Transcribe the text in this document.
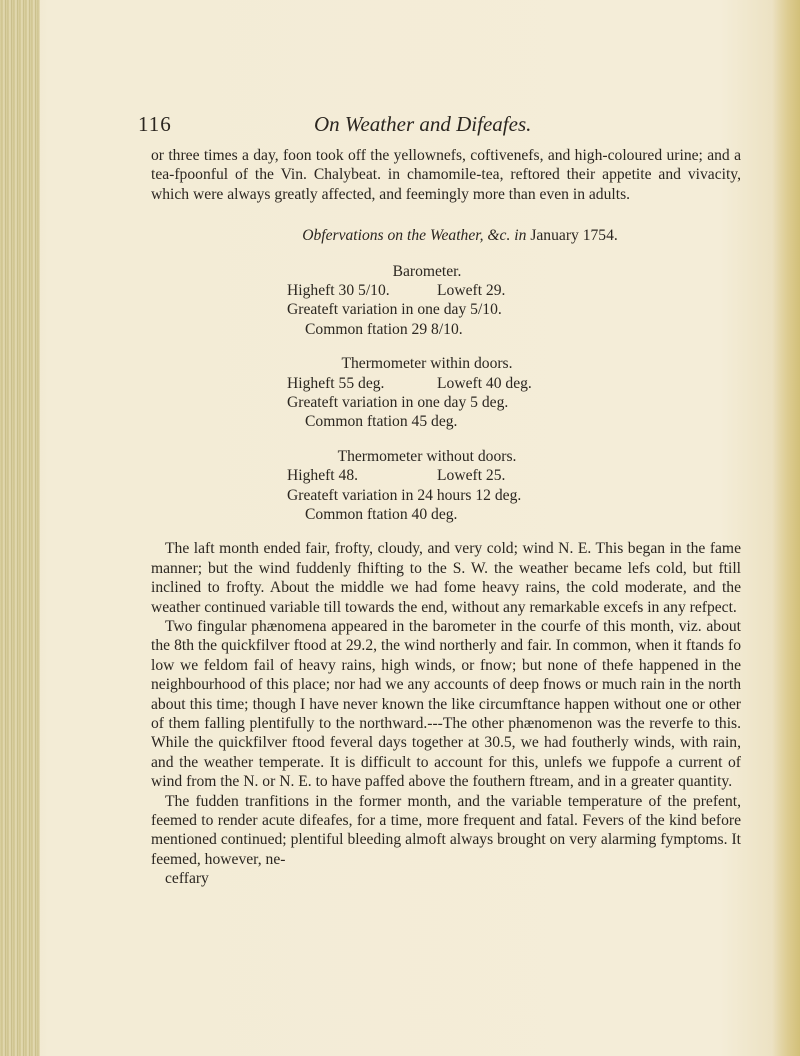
116	On Weather and Difeafes.

or three times a day, foon took off the yellownefs, coftivenefs, and high-coloured urine; and a tea-fpoonful of the Vin. Chalybeat. in chamomile-tea, reftored their appetite and vivacity, which were always greatly affected, and feemingly more than even in adults.

Obfervations on the Weather, &c. in January 1754.

Barometer.
Higheft 30 5/10.	Loweft 29.
Greateft variation in one day 5/10.
Common ftation 29 8/10.
Thermometer within doors.
Higheft 55 deg.	Loweft 40 deg.
Greateft variation in one day 5 deg.
Common ftation 45 deg.
Thermometer without doors.
Higheft 48.	Loweft 25.
Greateft variation in 24 hours 12 deg.
Common ftation 40 deg.

The laft month ended fair, frofty, cloudy, and very cold; wind N. E. This began in the fame manner; but the wind fuddenly fhifting to the S. W. the weather became lefs cold, but ftill inclined to frofty. About the middle we had fome heavy rains, the cold moderate, and the weather continued variable till towards the end, without any remarkable excefs in any refpect.

Two fingular phænomena appeared in the barometer in the courfe of this month, viz. about the 8th the quickfilver ftood at 29.2, the wind northerly and fair. In common, when it ftands fo low we feldom fail of heavy rains, high winds, or fnow; but none of thefe happened in the neighbourhood of this place; nor had we any accounts of deep fnows or much rain in the north about this time; though I have never known the like circumftance happen without one or other of them falling plentifully to the northward.---The other phænomenon was the reverfe to this. While the quickfilver ftood feveral days together at 30.5, we had foutherly winds, with rain, and the weather temperate. It is difficult to account for this, unlefs we fuppofe a current of wind from the N. or N. E. to have paffed above the fouthern ftream, and in a greater quantity.

The fudden tranfitions in the former month, and the variable temperature of the prefent, feemed to render acute difeafes, for a time, more frequent and fatal. Fevers of the kind before mentioned continued; plentiful bleeding almoft always brought on very alarming fymptoms. It feemed, however, ne-

ceffary
